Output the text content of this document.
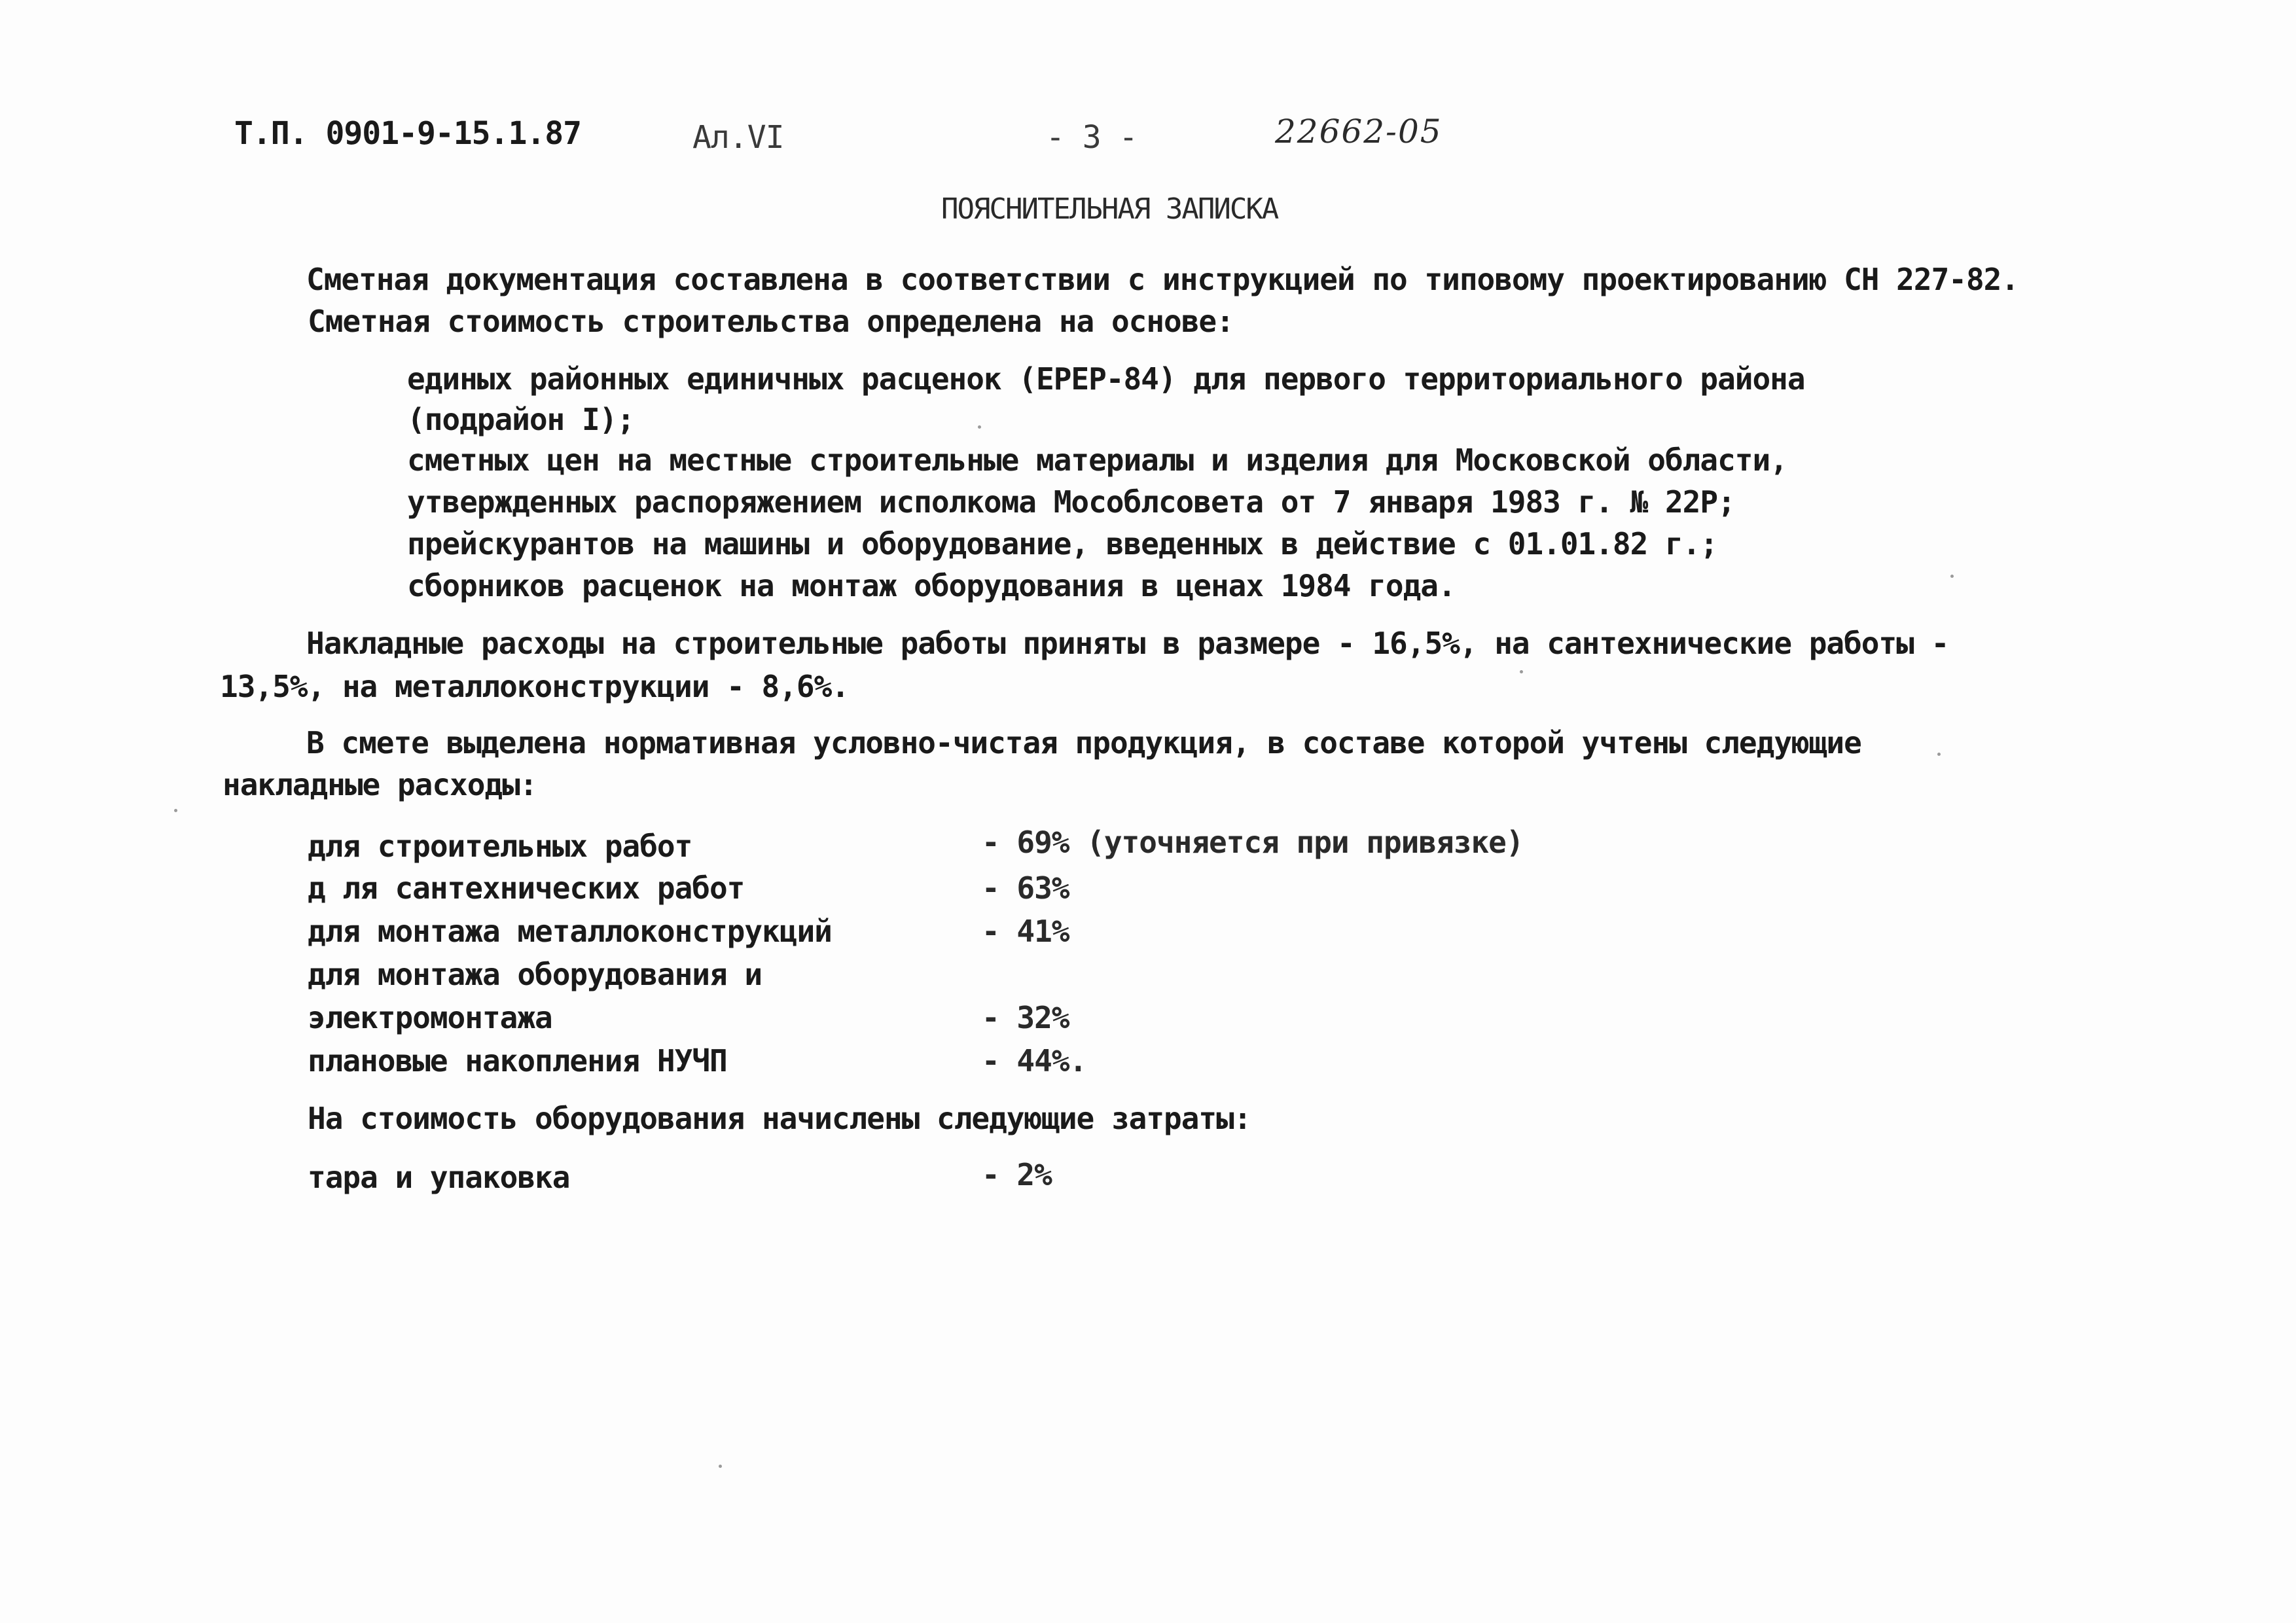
Т.П. 0901-9-15.1.87	Ал.VI	- 3 -	22662-05
ПОЯСНИТЕЛЬНАЯ ЗАПИСКА
Сметная документация составлена в соответствии с инструкцией по типовому проектированию СН 227-82.
Сметная стоимость строительства определена на основе:
единых районных единичных расценок (ЕРЕР-84) для первого территориального района
(подрайон I);
сметных цен на местные строительные материалы и изделия для Московской области,
утвержденных распоряжением исполкома Мособлсовета от 7 января 1983 г. № 22Р;
прейскурантов на машины и оборудование, введенных в действие с 01.01.82 г.;
сборников расценок на монтаж оборудования в ценах 1984 года.
Накладные расходы на строительные работы приняты в размере - 16,5%, на сантехнические работы -
13,5%, на металлоконструкции - 8,6%.
В смете выделена нормативная условно-чистая продукция, в составе которой учтены следующие
накладные расходы:
для строительных работ	- 69% (уточняется при привязке)
д ля сантехнических работ	- 63%
для монтажа металлоконструкций	- 41%
для монтажа оборудования и
электромонтажа	- 32%
плановые накопления НУЧП	- 44%.
На стоимость оборудования начислены следующие затраты:
тара и упаковка	- 2%
